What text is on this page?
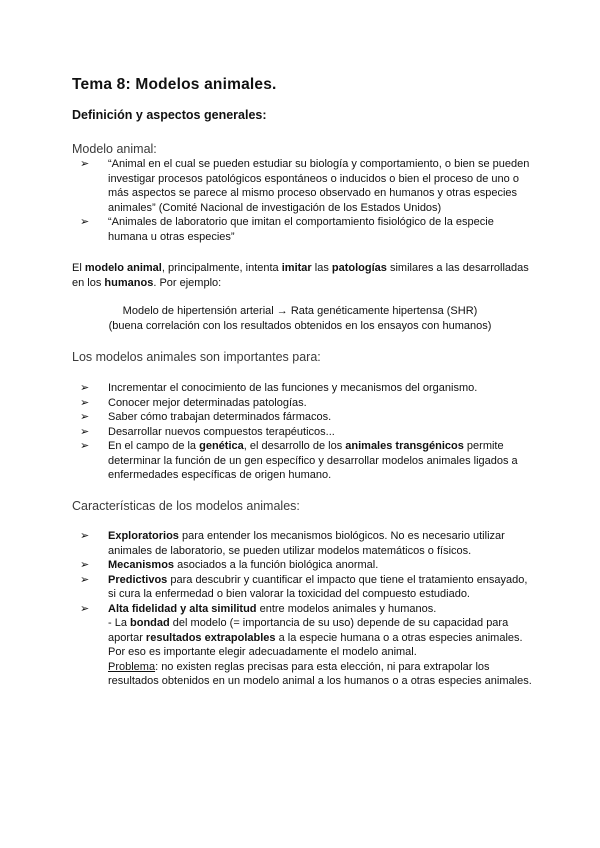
Tema 8: Modelos animales.
Definición y aspectos generales:

Modelo animal:

➢ “Animal en el cual se pueden estudiar su biología y comportamiento, o bien se pueden investigar procesos patológicos espontáneos o inducidos o bien el proceso de uno o más aspectos se parece al mismo proceso observado en humanos y otras especies animales” (Comité Nacional de investigación de los Estados Unidos)
➢ “Animales de laboratorio que imitan el comportamiento fisiológico de la especie humana u otras especies”

El modelo animal, principalmente, intenta imitar las patologías similares a las desarrolladas en los humanos. Por ejemplo:

Modelo de hipertensión arterial → Rata genéticamente hipertensa (SHR)

(buena correlación con los resultados obtenidos en los ensayos con humanos)

Los modelos animales son importantes para:

➢ Incrementar el conocimiento de las funciones y mecanismos del organismo.
➢ Conocer mejor determinadas patologías.
➢ Saber cómo trabajan determinados fármacos.
➢ Desarrollar nuevos compuestos terapéuticos...
➢ En el campo de la genética, el desarrollo de los animales transgénicos permite determinar la función de un gen específico y desarrollar modelos animales ligados a enfermedades específicas de origen humano.

Características de los modelos animales:

➢ Exploratorios para entender los mecanismos biológicos. No es necesario utilizar animales de laboratorio, se pueden utilizar modelos matemáticos o físicos.
➢ Mecanismos asociados a la función biológica anormal.
➢ Predictivos para descubrir y cuantificar el impacto que tiene el tratamiento ensayado, si cura la enfermedad o bien valorar la toxicidad del compuesto estudiado.
➢ Alta fidelidad y alta similitud entre modelos animales y humanos.
- La bondad del modelo (= importancia de su uso) depende de su capacidad para aportar resultados extrapolables a la especie humana o a otras especies animales. Por eso es importante elegir adecuadamente el modelo animal.
Problema: no existen reglas precisas para esta elección, ni para extrapolar los resultados obtenidos en un modelo animal a los humanos o a otras especies animales.
